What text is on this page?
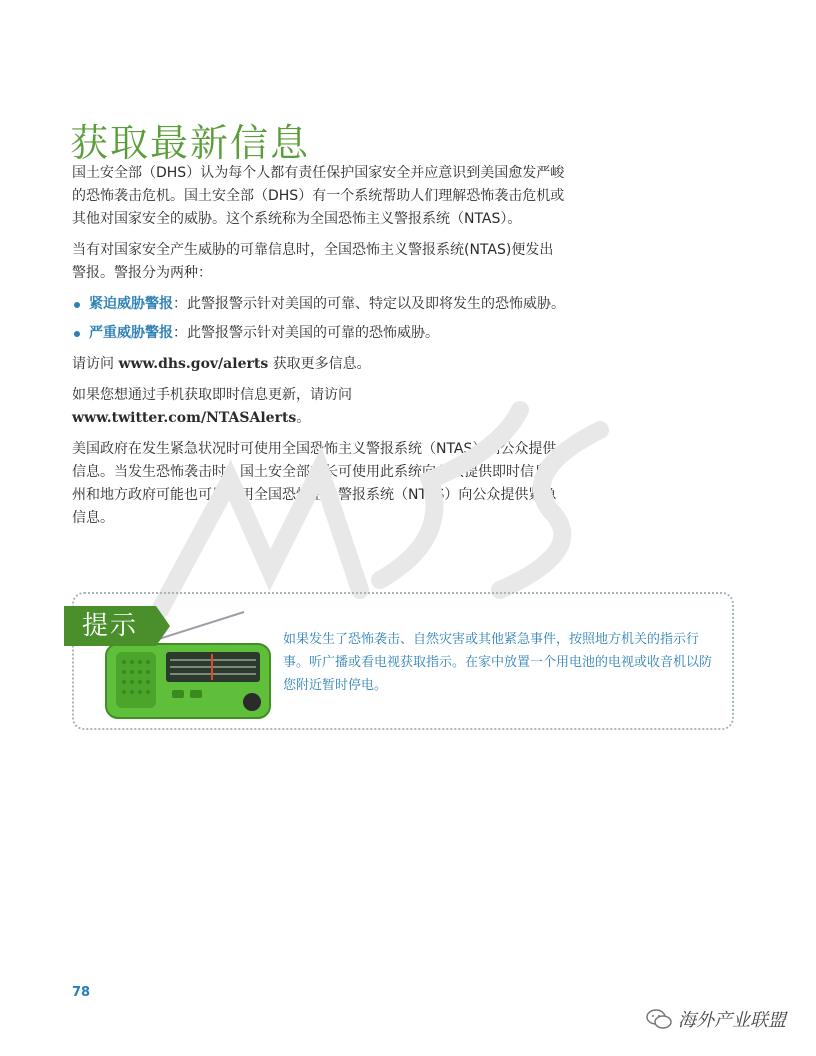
获取最新信息

国土安全部（DHS）认为每个人都有责任保护国家安全并应意识到美国愈发严峻的恐怖袭击危机。国土安全部（DHS）有一个系统帮助人们理解恐怖袭击危机或其他对国家安全的威胁。这个系统称为全国恐怖主义警报系统（NTAS）。

当有对国家安全产生威胁的可靠信息时，全国恐怖主义警报系统(NTAS)便发出警报。警报分为两种：

紧迫威胁警报：此警报警示针对美国的可靠、特定以及即将发生的恐怖威胁。
严重威胁警报：此警报警示针对美国的可靠的恐怖威胁。

请访问 www.dhs.gov/alerts 获取更多信息。

如果您想通过手机获取即时信息更新，请访问 www.twitter.com/NTASAlerts。

美国政府在发生紧急状况时可使用全国恐怖主义警报系统（NTAS）向公众提供信息。当发生恐怖袭击时，国土安全部部长可使用此系统向公众提供即时信息。州和地方政府可能也可以使用全国恐怖主义警报系统（NTAS）向公众提供紧急信息。

提示	如果发生了恐怖袭击、自然灾害或其他紧急事件，按照地方机关的指示行事。听广播或看电视获取指示。在家中放置一个用电池的电视或收音机以防您附近暂时停电。
78
海外产业联盟
